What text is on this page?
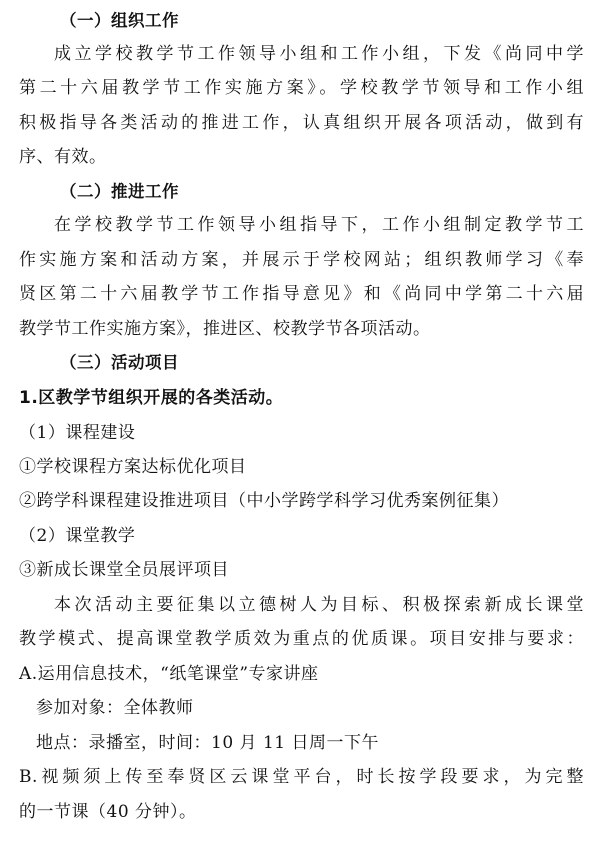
（一）组织工作
成立学校教学节工作领导小组和工作小组，下发《尚同中学
第二十六届教学节工作实施方案》。学校教学节领导和工作小组
积极指导各类活动的推进工作，认真组织开展各项活动，做到有
序、有效。
（二）推进工作
在学校教学节工作领导小组指导下，工作小组制定教学节工
作实施方案和活动方案，并展示于学校网站；组织教师学习《奉
贤区第二十六届教学节工作指导意见》和《尚同中学第二十六届
教学节工作实施方案》，推进区、校教学节各项活动。
（三）活动项目
1.区教学节组织开展的各类活动。
（1）课程建设
①学校课程方案达标优化项目
②跨学科课程建设推进项目（中小学跨学科学习优秀案例征集）
（2）课堂教学
③新成长课堂全员展评项目
本次活动主要征集以立德树人为目标、积极探索新成长课堂
教学模式、提高课堂教学质效为重点的优质课。项目安排与要求：
A.运用信息技术，“纸笔课堂”专家讲座
参加对象：全体教师
地点：录播室，时间：10 月 11 日周一下午
B.视频须上传至奉贤区云课堂平台，时长按学段要求，为完整
的一节课（40 分钟）。
